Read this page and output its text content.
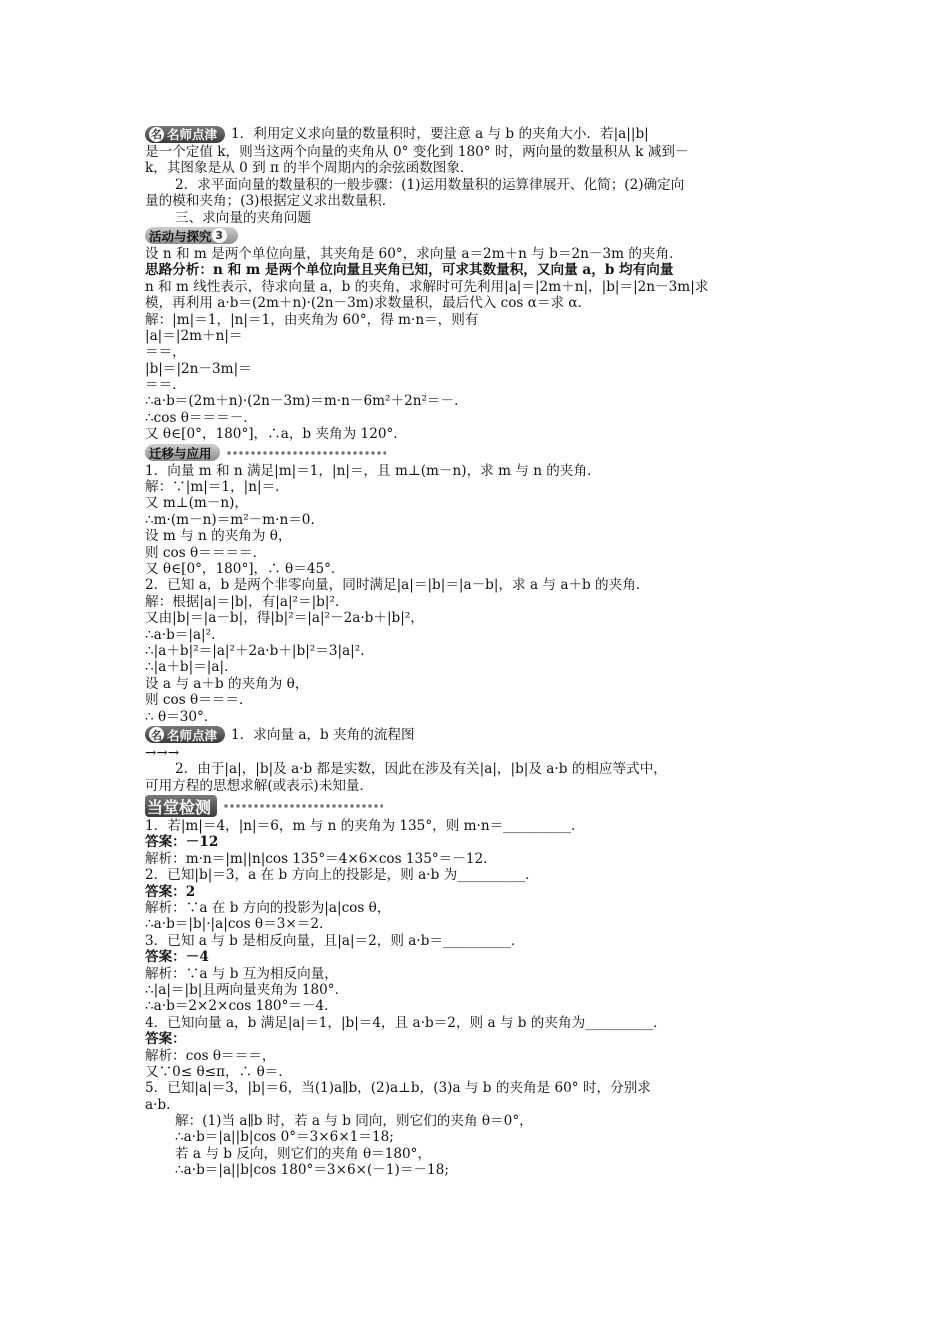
名 名师点津 1．利用定义求向量的数量积时，要注意 a 与 b 的夹角大小．若|a||b|
是一个定值 k，则当这两个向量的夹角从 0° 变化到 180° 时，两向量的数量积从 k 减到－
k，其图象是从 0 到 π 的半个周期内的余弦函数图象．
2．求平面向量的数量积的一般步骤：(1)运用数量积的运算律展开、化简；(2)确定向
量的模和夹角；(3)根据定义求出数量积．
三、求向量的夹角问题
活动与探究 3
设 n 和 m 是两个单位向量，其夹角是 60°，求向量 a＝2m＋n 与 b＝2n－3m 的夹角．
思路分析：n 和 m 是两个单位向量且夹角已知，可求其数量积，又向量 a，b 均有向量
n 和 m 线性表示，待求向量 a，b 的夹角，求解时可先利用|a|＝|2m＋n|，|b|＝|2n－3m|求
模，再利用 a·b＝(2m＋n)·(2n－3m)求数量积，最后代入 cos α＝求 α．
解：|m|＝1，|n|＝1，由夹角为 60°，得 m·n＝，则有
|a|＝|2m＋n|＝
＝＝，
|b|＝|2n－3m|＝
＝＝．
∴a·b＝(2m＋n)·(2n－3m)＝m·n－6m²＋2n²＝－．
∴cos θ＝＝＝－．
又 θ∈[0°，180°]，∴a，b 夹角为 120°．
迁移与应用
1．向量 m 和 n 满足|m|＝1，|n|＝，且 m⊥(m－n)，求 m 与 n 的夹角．
解：∵|m|＝1，|n|＝．
又 m⊥(m－n)，
∴m·(m－n)＝m²－m·n＝0.
设 m 与 n 的夹角为 θ，
则 cos θ＝＝＝＝．
又 θ∈[0°，180°]，∴ θ＝45°．
2．已知 a，b 是两个非零向量，同时满足|a|＝|b|＝|a－b|，求 a 与 a＋b 的夹角．
解：根据|a|＝|b|，有|a|²＝|b|².
又由|b|＝|a－b|，得|b|²＝|a|²－2a·b＋|b|²，
∴a·b＝|a|².
∴|a＋b|²＝|a|²＋2a·b＋|b|²＝3|a|².
∴|a＋b|＝|a|．
设 a 与 a＋b 的夹角为 θ，
则 cos θ＝＝＝．
∴ θ＝30°．
名 名师点津 1．求向量 a，b 夹角的流程图
→→→
2．由于|a|，|b|及 a·b 都是实数，因此在涉及有关|a|，|b|及 a·b 的相应等式中，
可用方程的思想求解(或表示)未知量．
当堂检测
1．若|m|＝4，|n|＝6，m 与 n 的夹角为 135°，则 m·n＝__________．
答案：－12
解析：m·n＝|m||n|cos 135°＝4×6×cos 135°＝－12.
2．已知|b|＝3，a 在 b 方向上的投影是，则 a·b 为__________．
答案：2
解析：∵a 在 b 方向的投影为|a|cos θ，
∴a·b＝|b|·|a|cos θ＝3×＝2.
3．已知 a 与 b 是相反向量，且|a|＝2，则 a·b＝__________．
答案：－4
解析：∵a 与 b 互为相反向量，
∴|a|＝|b|且两向量夹角为 180°．
∴a·b＝2×2×cos 180°＝－4.
4．已知向量 a，b 满足|a|＝1，|b|＝4，且 a·b＝2，则 a 与 b 的夹角为__________．
答案：
解析：cos θ＝＝＝，
又∵0≤ θ≤π，∴ θ＝．
5．已知|a|＝3，|b|＝6，当(1)a∥b，(2)a⊥b，(3)a 与 b 的夹角是 60° 时，分别求
a·b.
解：(1)当 a∥b 时，若 a 与 b 同向，则它们的夹角 θ＝0°，
∴a·b＝|a||b|cos 0°＝3×6×1＝18;
若 a 与 b 反向，则它们的夹角 θ＝180°，
∴a·b＝|a||b|cos 180°＝3×6×(－1)＝－18;
